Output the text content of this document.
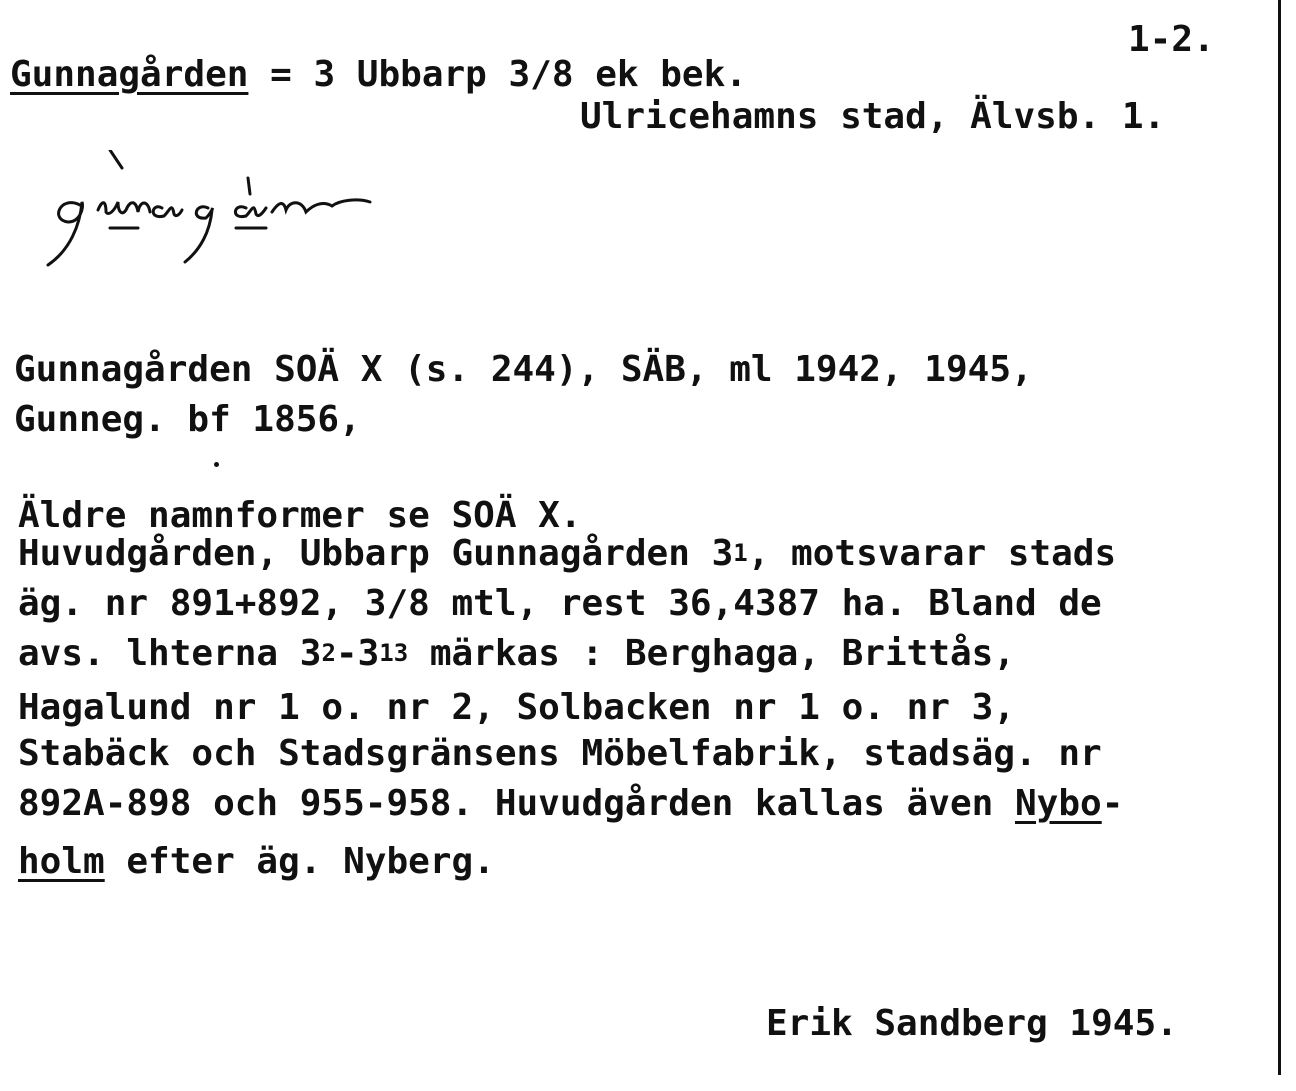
1-2.
Gunnagården = 3 Ubbarp 3/8 ek bek.
Ulricehamns stad, Älvsb. 1.
Gunnagården SOÄ X (s. 244), SÄB, ml 1942, 1945,
Gunneg. bf 1856,
Äldre namnformer se SOÄ X.
Huvudgården, Ubbarp Gunnagården $3^1$, motsvarar stads
äg. nr 891+892, 3/8 mtl, rest 36,4387 ha. Bland de
avs. lhterna $3^2-3^{13}$ märkas : Berghaga, Brittås,
Hagalund nr 1 o. nr 2, Solbacken nr 1 o. nr 3,
Stabäck och Stadsgränsens Möbelfabrik, stadsäg. nr
892A-898 och 955-958. Huvudgården kallas även Nybo-
holm efter äg. Nyberg.
Erik Sandberg 1945.
